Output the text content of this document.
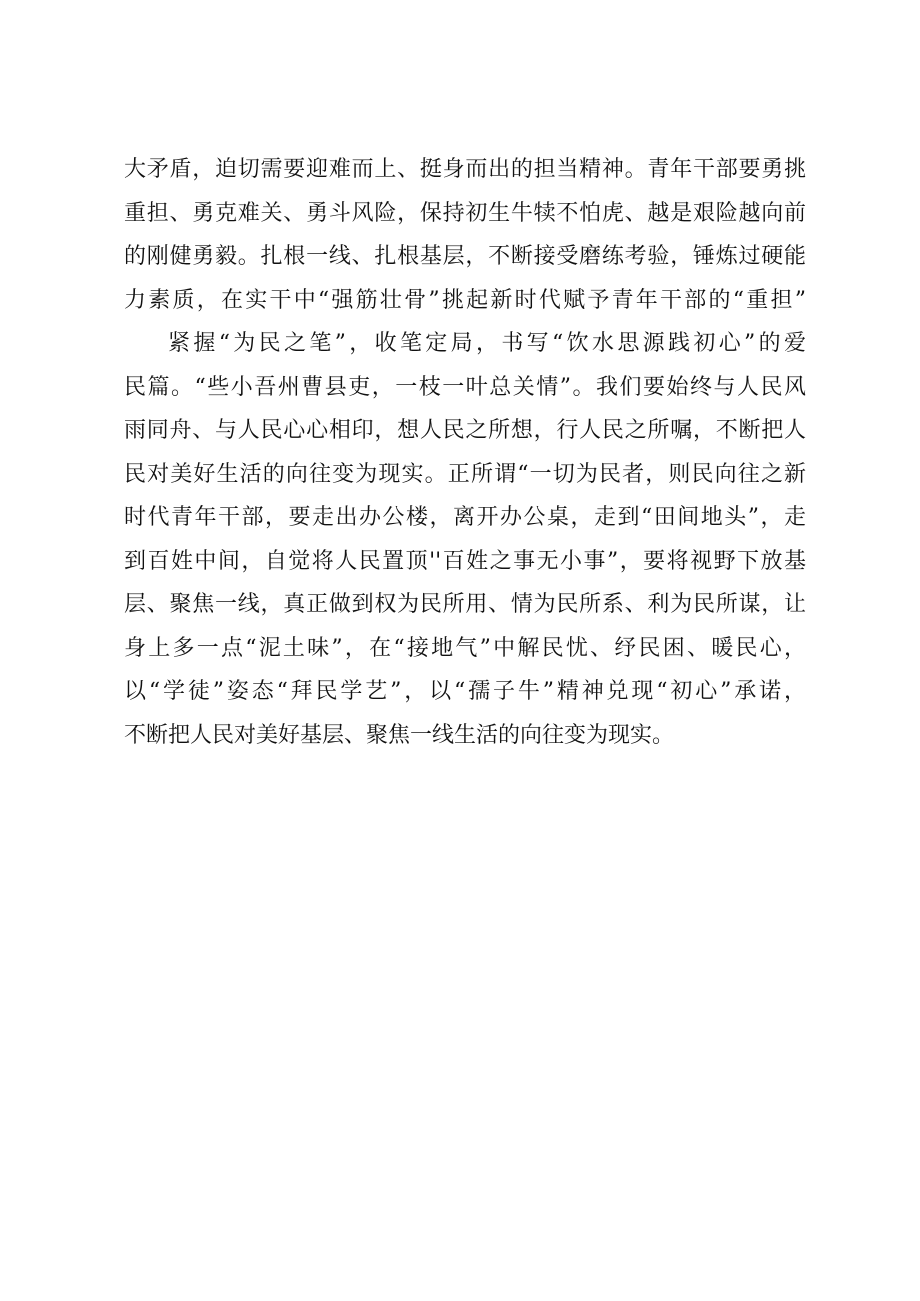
大矛盾，迫切需要迎难而上、挺身而出的担当精神。青年干部要勇挑
重担、勇克难关、勇斗风险，保持初生牛犊不怕虎、越是艰险越向前
的刚健勇毅。扎根一线、扎根基层，不断接受磨练考验，锤炼过硬能
力素质，在实干中“强筋壮骨”挑起新时代赋予青年干部的“重担”
紧握“为民之笔”，收笔定局，书写“饮水思源践初心”的爱
民篇。“些小吾州曹县吏，一枝一叶总关情”。我们要始终与人民风
雨同舟、与人民心心相印，想人民之所想，行人民之所嘱，不断把人
民对美好生活的向往变为现实。正所谓“一切为民者，则民向往之新
时代青年干部，要走出办公楼，离开办公桌，走到“田间地头”，走
到百姓中间，自觉将人民置顶''百姓之事无小事”，要将视野下放基
层、聚焦一线，真正做到权为民所用、情为民所系、利为民所谋，让
身上多一点“泥土味”，在“接地气”中解民忧、纾民困、暖民心，
以“学徒”姿态“拜民学艺”，以“孺子牛”精神兑现“初心”承诺，
不断把人民对美好基层、聚焦一线生活的向往变为现实。
